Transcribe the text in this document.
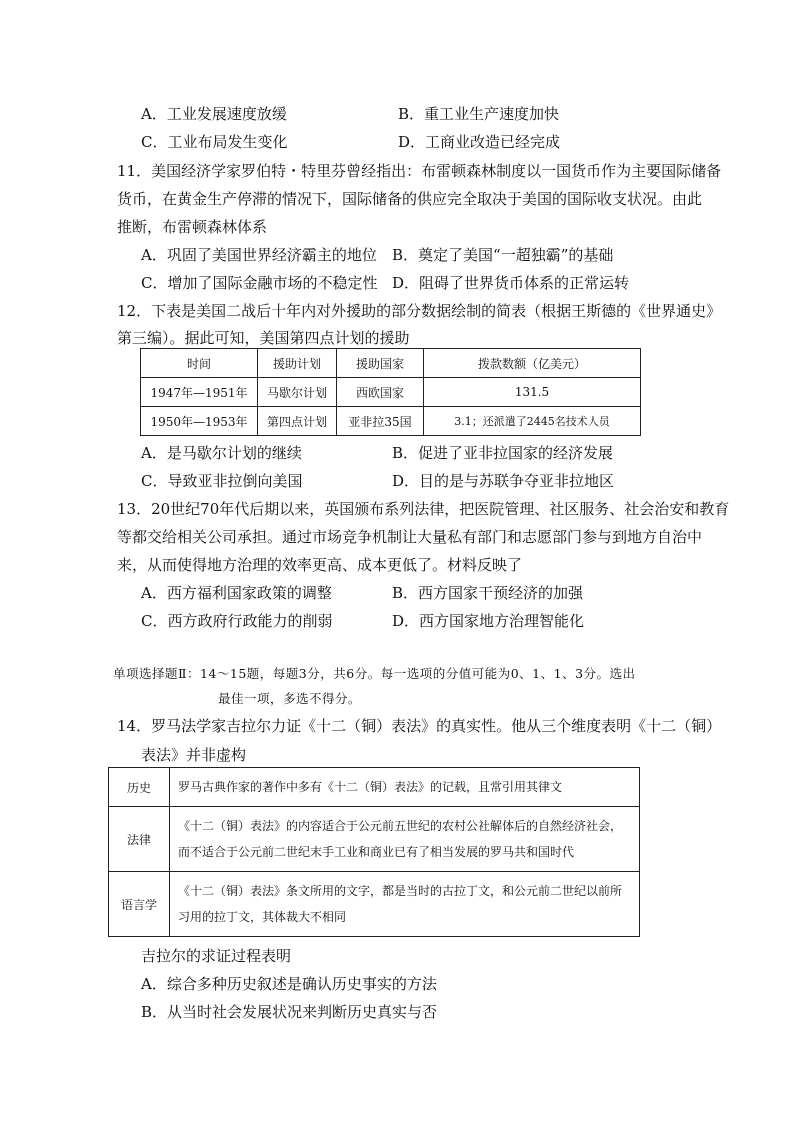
A．工业发展速度放缓	B．重工业生产速度加快
C．工业布局发生变化	D．工商业改造已经完成
11．美国经济学家罗伯特・特里芬曾经指出：布雷顿森林制度以一国货币作为主要国际储备
货币，在黄金生产停滞的情况下，国际储备的供应完全取决于美国的国际收支状况。由此
推断，布雷顿森林体系
A．巩固了美国世界经济霸主的地位 B．奠定了美国“一超独霸”的基础
C．增加了国际金融市场的不稳定性 D．阻碍了世界货币体系的正常运转
12．下表是美国二战后十年内对外援助的部分数据绘制的简表（根据王斯德的《世界通史》
第三编）。据此可知，美国第四点计划的援助
时间	援助计划	援助国家	拨款数额（亿美元）
1947年—1951年	马歇尔计划	西欧国家	131.5
1950年—1953年	第四点计划	亚非拉35国	3.1；还派遣了2445名技术人员
A．是马歇尔计划的继续	B．促进了亚非拉国家的经济发展
C．导致亚非拉倒向美国	D．目的是与苏联争夺亚非拉地区
13．20世纪70年代后期以来，英国颁布系列法律，把医院管理、社区服务、社会治安和教育
等都交给相关公司承担。通过市场竞争机制让大量私有部门和志愿部门参与到地方自治中
来，从而使得地方治理的效率更高、成本更低了。材料反映了
A．西方福利国家政策的调整	B．西方国家干预经济的加强
C．西方政府行政能力的削弱	D．西方国家地方治理智能化
单项选择题Ⅱ：14～15题，每题3分，共6分。每一选项的分值可能为0、1、1、3分。选出
最佳一项，多选不得分。
14．罗马法学家吉拉尔力证《十二（铜）表法》的真实性。他从三个维度表明《十二（铜）
表法》并非虚构
历史	罗马古典作家的著作中多有《十二（铜）表法》的记载，且常引用其律文
法律	《十二（铜）表法》的内容适合于公元前五世纪的农村公社解体后的自然经济社会，而不适合于公元前二世纪末手工业和商业已有了相当发展的罗马共和国时代
语言学	《十二（铜）表法》条文所用的文字，都是当时的古拉丁文，和公元前二世纪以前所习用的拉丁文，其体裁大不相同
吉拉尔的求证过程表明
A．综合多种历史叙述是确认历史事实的方法
B．从当时社会发展状况来判断历史真实与否
